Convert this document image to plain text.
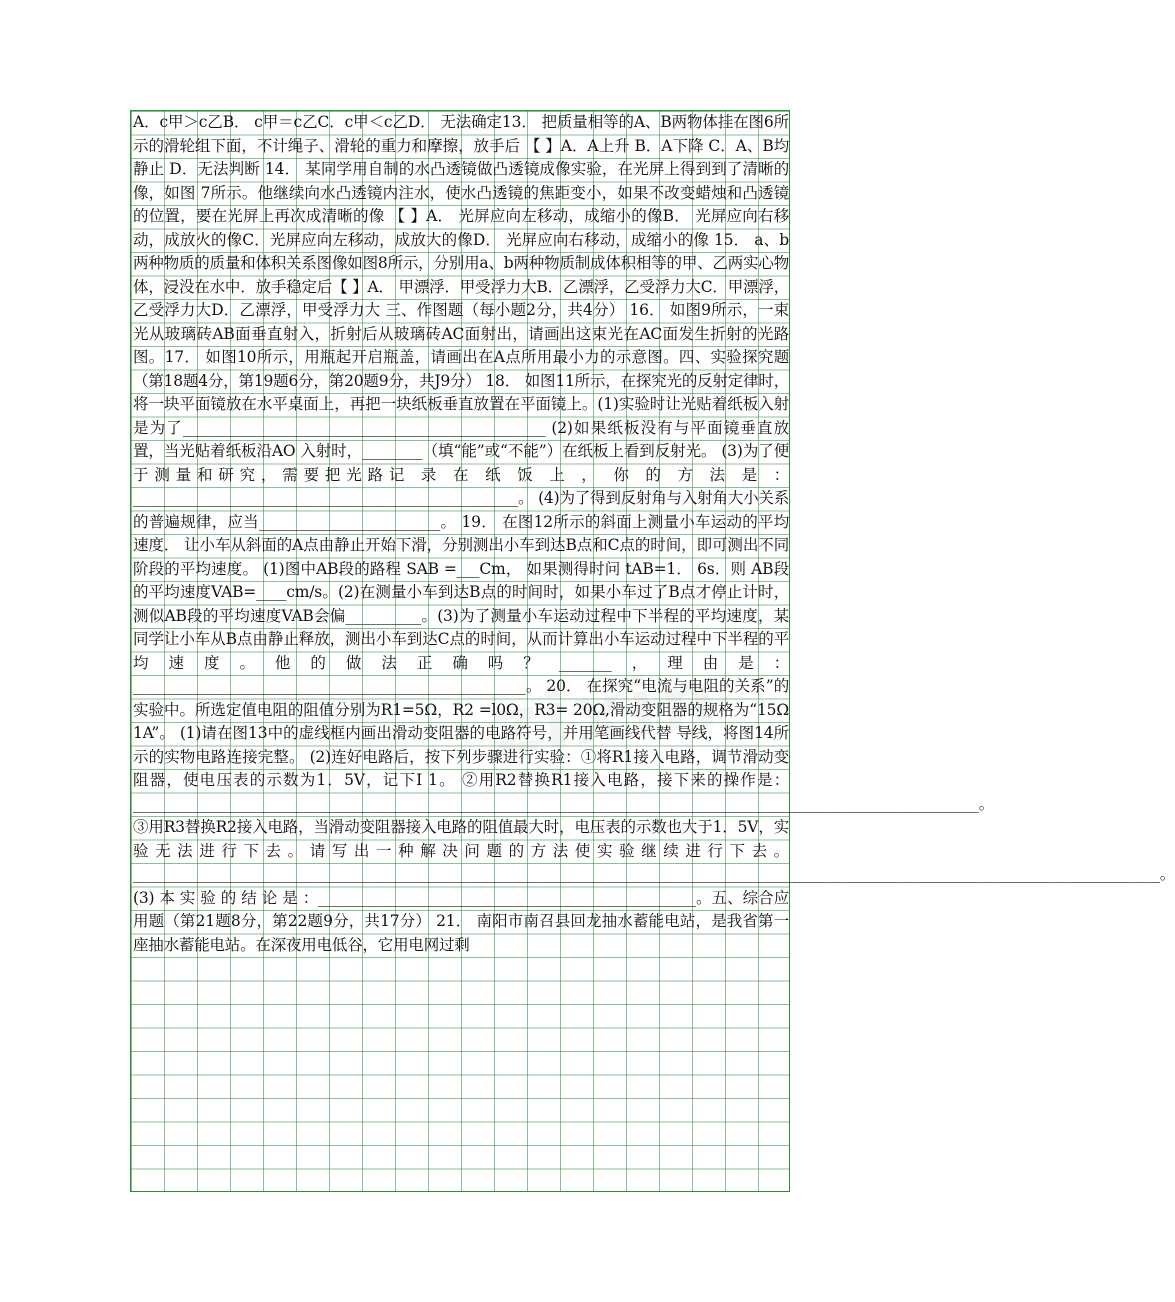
A．c甲＞c乙B． c甲＝c乙C．c甲＜c乙D． 无法确定13． 把质量相等的A、B两物体挂在图6所示的滑轮组下面，不计绳子、滑轮的重力和摩擦，放手后 【 】A．A上升 B．A下降 C．A、B均静止 D．无法判断 14． 某同学用自制的水凸透镜做凸透镜成像实验，在光屏上得到到了清晰的像，如图 7所示。他继续向水凸透镜内注水，使水凸透镜的焦距变小，如果不改变蜡烛和凸透镜的位置，要在光屏上再次成清晰的像 【 】A． 光屏应向左移动，成缩小的像B． 光屏应向右移动，成放火的像C．光屏应向左移动，成放大的像D． 光屏应向右移动，成缩小的像 15． a、b两种物质的质量和体积关系图像如图8所示，分别用a、b两种物质制成体积相等的甲、乙两实心物体，浸没在水中．放手稳定后【 】A． 甲漂浮．甲受浮力大B．乙漂浮，乙受浮力大C．甲漂浮，乙受浮力大D．乙漂浮，甲受浮力大 三、作图题（每小题2分，共4分） 16． 如图9所示，一束光从玻璃砖AB面垂直射入，折射后从玻璃砖AC面射出，请画出这束光在AC面发生折射的光路图。17． 如图10所示，用瓶起开启瓶盖，请画出在A点所用最小力的示意图。四、实验探究题（第18题4分，第19题6分，第20题9分，共J9分） 18． 如图11所示，在探究光的反射定律时，将一块平面镜放在水平桌面上，再把一块纸板垂直放置在平面镜上。(1)实验时让光贴着纸板入射是为了________________________________________________ (2)如果纸板没有与平面镜垂直放置，当光贴着纸板沿AO 入射时，________（填“能”或“不能”）在纸板上看到反射光。 (3)为了便于测量和研究，需要把光路记 录 在 纸 饭 上 ， 你 的 方 法 是 ：___________________________________________________。 (4)为了得到反射角与入射角大小关系的普遍规律，应当________________________。 19． 在图12所示的斜面上测量小车运动的平均速度． 让小车从斜面的A点由静止开始下滑，分别测出小车到达B点和C点的时间，即可测出不同阶段的平均速度。 (1)图中AB段的路程 SAB =___Cm， 如果测得时问 tAB=1． 6s．则 AB段的平均速度VAB=____cm/s。(2)在测量小车到达B点的时间时，如果小车过了B点才停止计时，测似AB段的平均速度VAB会偏__________。(3)为了测量小车运动过程中下半程的平均速度，某同学让小车从B点由静止释放，测出小车到达C点的时间，从而计算出小车运动过程中下半程的平均速度。他的做法正确吗？_______，理由是：____________________________________________________。 20． 在探究“电流与电阻的关系”的实验中。所选定值电阻的阻值分别为R1=5Ω，R2 =l0Ω，R3= 20Ω,滑动变阻器的规格为“15Ω 1A”。 (1)请在图13中的虚线框内画出滑动变阻器的电路符号，并用笔画线代替 导线，将图14所示的实物电路连接完整。 (2)连好电路后，按下列步骤进行实验：①将R1接入电路，调节滑动变阻器，使电压表的示数为1．5V，记下I 1。 ②用R2替换R1接入电路，接下来的操作是：________________________________________________________________________________________________________________。 ③用R3替换R2接入电路，当滑动变阻器接入电路的阻值最大时，电压表的示数也大于1．5V，实验无法进行下去。请写出一种解决问题的方法使实验继续进行下去。________________________________________________________________________________________________________________________________________。(3) 本 实 验 的 结 论 是 ：__________________________________________________。五、综合应用题（第21题8分，第22题9分，共17分） 21． 南阳市南召县回龙抽水蓄能电站，是我省第一座抽水蓄能电站。在深夜用电低谷，它用电网过剩
